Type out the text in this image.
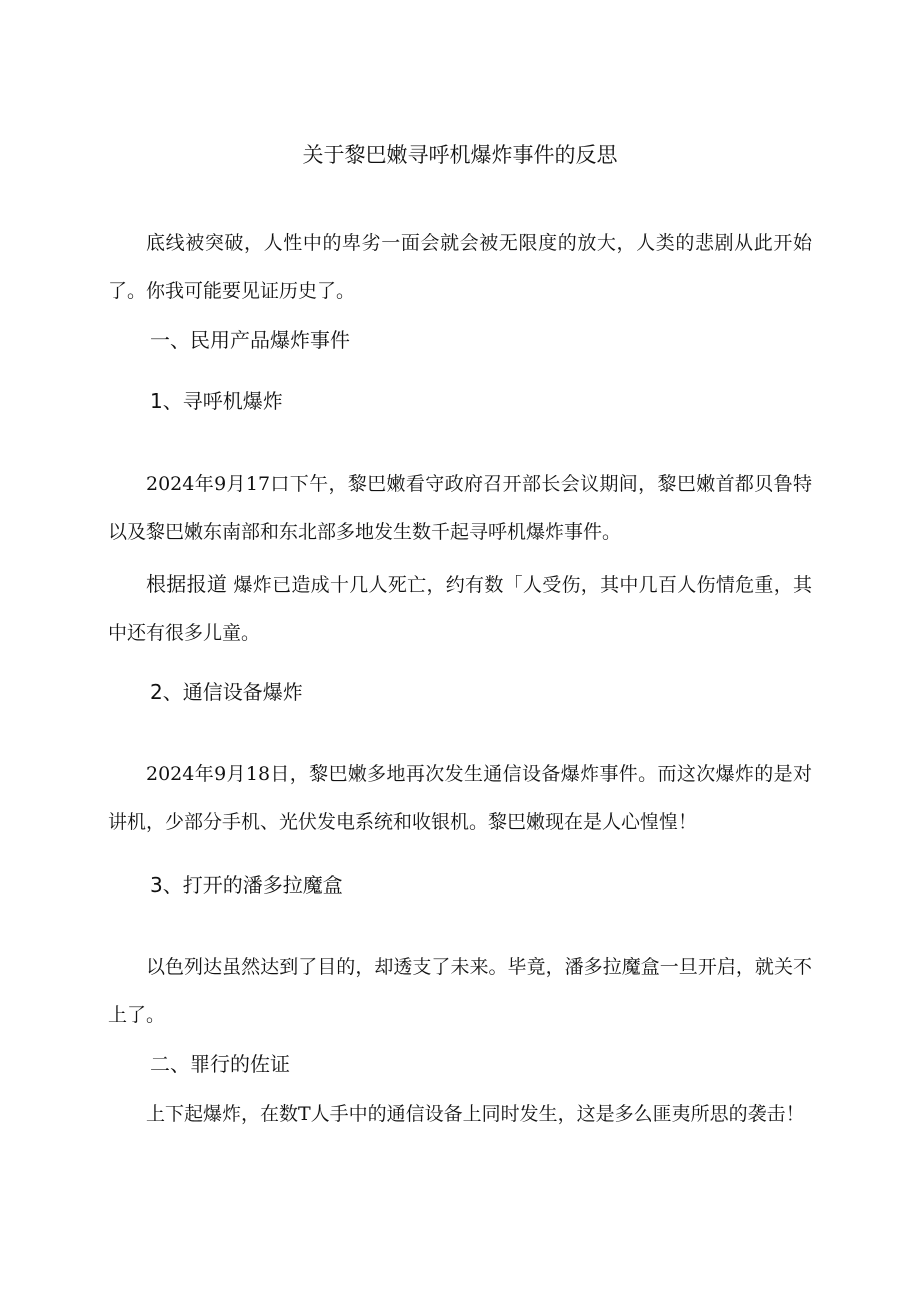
关于黎巴嫩寻呼机爆炸事件的反思

底线被突破，人性中的卑劣一面会就会被无限度的放大，人类的悲剧从此开始了。你我可能要见证历史了。

一、民用产品爆炸事件
1、寻呼机爆炸

2024年9月17口下午，黎巴嫩看守政府召开部长会议期间，黎巴嫩首都贝鲁特以及黎巴嫩东南部和东北部多地发生数千起寻呼机爆炸事件。

根据报道 爆炸已造成十几人死亡，约有数「人受伤，其中几百人伤情危重，其中还有很多儿童。

2、通信设备爆炸

2024年9月18日，黎巴嫩多地再次发生通信设备爆炸事件。而这次爆炸的是对讲机，少部分手机、光伏发电系统和收银机。黎巴嫩现在是人心惶惶！

3、打开的潘多拉魔盒

以色列达虽然达到了目的，却透支了未来。毕竟，潘多拉魔盒一旦开启，就关不上了。

二、罪行的佐证

上下起爆炸，在数T人手中的通信设备上同时发生，这是多么匪夷所思的袭击！
